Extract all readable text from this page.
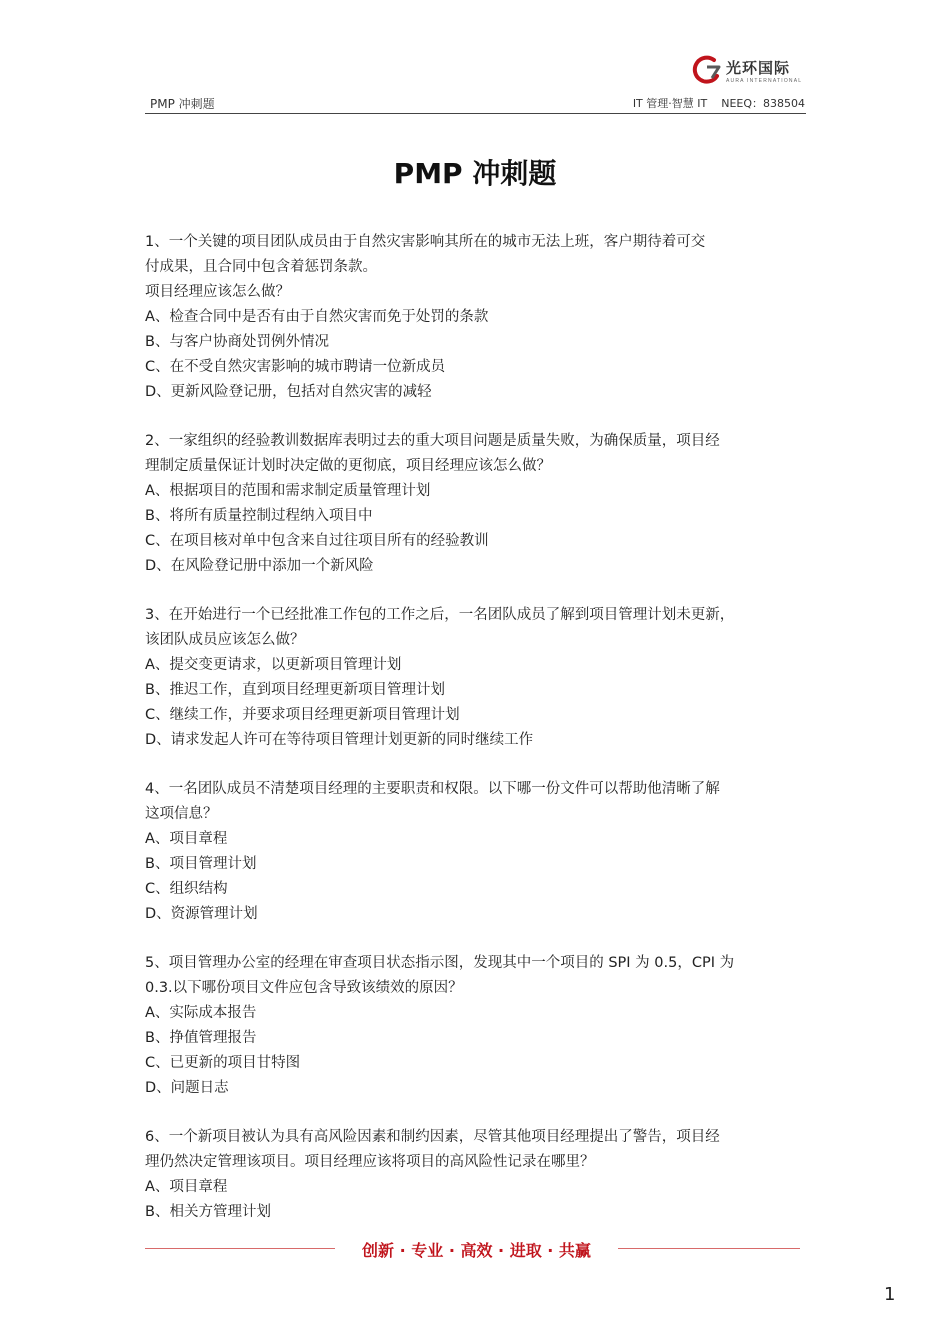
光环国际
AURA INTERNATIONAL
PMP 冲刺题	IT 管理·智慧 IT    NEEQ：838504
PMP 冲刺题

1、一个关键的项目团队成员由于自然灾害影响其所在的城市无法上班，客户期待着可交

付成果，且合同中包含着惩罚条款。

项目经理应该怎么做？

A、检查合同中是否有由于自然灾害而免于处罚的条款

B、与客户协商处罚例外情况

C、在不受自然灾害影响的城市聘请一位新成员

D、更新风险登记册，包括对自然灾害的减轻

2、一家组织的经验教训数据库表明过去的重大项目问题是质量失败，为确保质量，项目经

理制定质量保证计划时决定做的更彻底，项目经理应该怎么做？

A、根据项目的范围和需求制定质量管理计划

B、将所有质量控制过程纳入项目中

C、在项目核对单中包含来自过往项目所有的经验教训

D、在风险登记册中添加一个新风险

3、在开始进行一个已经批准工作包的工作之后，一名团队成员了解到项目管理计划未更新，

该团队成员应该怎么做？

A、提交变更请求，以更新项目管理计划

B、推迟工作，直到项目经理更新项目管理计划

C、继续工作，并要求项目经理更新项目管理计划

D、请求发起人许可在等待项目管理计划更新的同时继续工作

4、一名团队成员不清楚项目经理的主要职责和权限。以下哪一份文件可以帮助他清晰了解

这项信息？

A、项目章程

B、项目管理计划

C、组织结构

D、资源管理计划

5、项目管理办公室的经理在审查项目状态指示图，发现其中一个项目的 SPI 为 0.5，CPI 为

0.3.以下哪份项目文件应包含导致该绩效的原因？

A、实际成本报告

B、挣值管理报告

C、已更新的项目甘特图

D、问题日志

6、一个新项目被认为具有高风险因素和制约因素，尽管其他项目经理提出了警告，项目经

理仍然决定管理该项目。项目经理应该将项目的高风险性记录在哪里？

A、项目章程

B、相关方管理计划

创新 · 专业 · 高效 · 进取 · 共赢
1
